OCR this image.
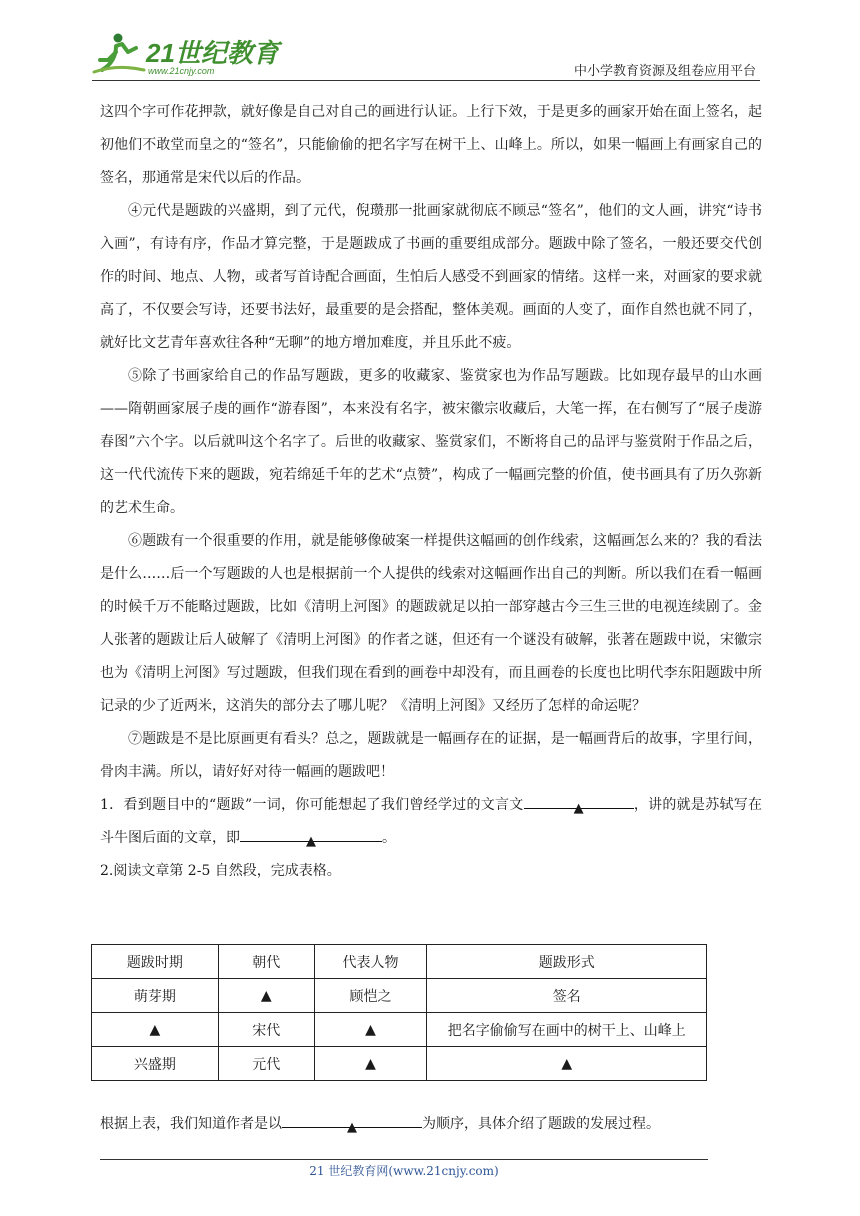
21世纪教育
www.21cnjy.com	中小学教育资源及组卷应用平台

这四个字可作花押款，就好像是自己对自己的画进行认证。上行下效，于是更多的画家开始在面上签名，起初他们不敢堂而皇之的“签名”，只能偷偷的把名字写在树干上、山峰上。所以，如果一幅画上有画家自己的签名，那通常是宋代以后的作品。

④元代是题跋的兴盛期，到了元代，倪瓒那一批画家就彻底不顾忌“签名”，他们的文人画，讲究“诗书入画”，有诗有序，作品才算完整，于是题跋成了书画的重要组成部分。题跋中除了签名，一般还要交代创作的时间、地点、人物，或者写首诗配合画面，生怕后人感受不到画家的情绪。这样一来，对画家的要求就高了，不仅要会写诗，还要书法好，最重要的是会搭配，整体美观。画面的人变了，面作自然也就不同了，就好比文艺青年喜欢往各种“无聊”的地方增加难度，并且乐此不疲。

⑤除了书画家给自己的作品写题跋，更多的收藏家、鉴赏家也为作品写题跋。比如现存最早的山水画——隋朝画家展子虔的画作“游春图”，本来没有名字，被宋徽宗收藏后，大笔一挥，在右侧写了“展子虔游春图”六个字。以后就叫这个名字了。后世的收藏家、鉴赏家们，不断将自己的品评与鉴赏附于作品之后，这一代代流传下来的题跋，宛若绵延千年的艺术“点赞”，构成了一幅画完整的价值，使书画具有了历久弥新的艺术生命。

⑥题跋有一个很重要的作用，就是能够像破案一样提供这幅画的创作线索，这幅画怎么来的？我的看法是什么……后一个写题跋的人也是根据前一个人提供的线索对这幅画作出自己的判断。所以我们在看一幅画的时候千万不能略过题跋，比如《清明上河图》的题跋就足以拍一部穿越古今三生三世的电视连续剧了。金人张著的题跋让后人破解了《清明上河图》的作者之谜，但还有一个谜没有破解，张著在题跋中说，宋徽宗也为《清明上河图》写过题跋，但我们现在看到的画卷中却没有，而且画卷的长度也比明代李东阳题跋中所记录的少了近两米，这消失的部分去了哪儿呢？《清明上河图》又经历了怎样的命运呢？

⑦题跋是不是比原画更有看头？总之，题跋就是一幅画存在的证据，是一幅画背后的故事，字里行间，骨肉丰满。所以，请好好对待一幅画的题跋吧！

1．看到题目中的“题跋”一词，你可能想起了我们曾经学过的文言文	▲	，讲的就是苏轼写在斗牛图后面的文章，即	▲	。

2.阅读文章第 2-5 自然段，完成表格。

题跋时期	朝代	代表人物	题跋形式
萌芽期	▲	顾恺之	签名
▲	宋代	▲	把名字偷偷写在画中的树干上、山峰上
兴盛期	元代	▲	▲
根据上表，我们知道作者是以	▲	为顺序，具体介绍了题跋的发展过程。
21 世纪教育网(www.21cnjy.com)
